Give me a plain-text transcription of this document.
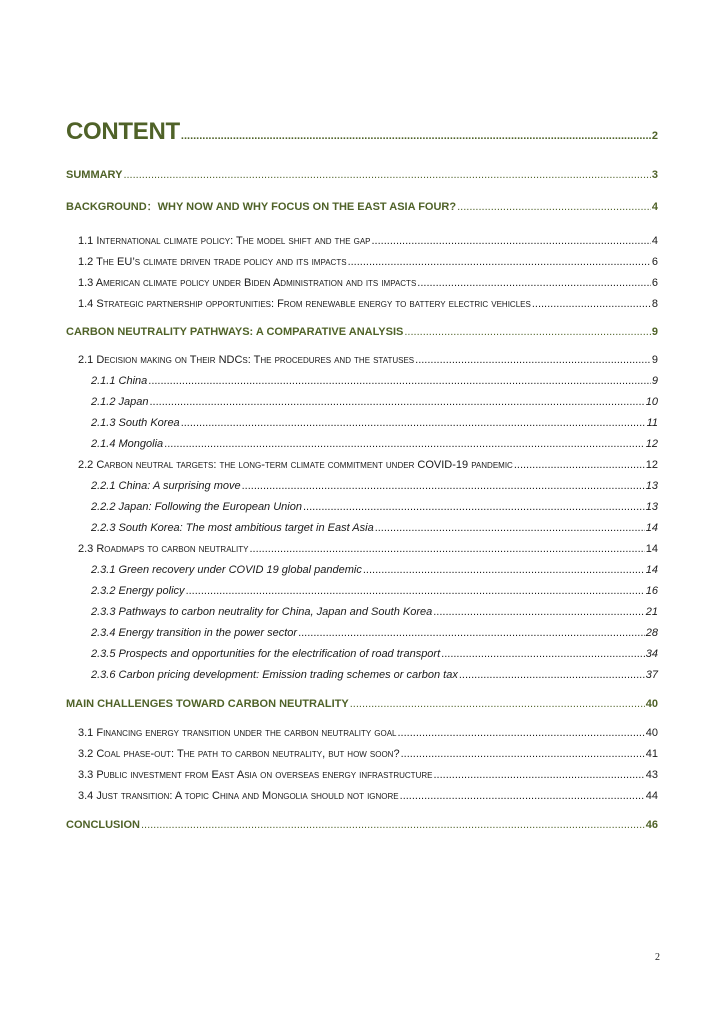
CONTENT .....	2
SUMMARY .....	3
BACKGROUND：WHY NOW AND WHY FOCUS ON THE EAST ASIA FOUR? .....	4
1.1 International climate policy: The model shift and the gap .....	4
1.2 The EU’s climate driven trade policy and its impacts .....	6
1.3 American climate policy under Biden Administration and its impacts .....	6
1.4 Strategic partnership opportunities: From renewable energy to battery electric vehicles .....	8
CARBON NEUTRALITY PATHWAYS: A COMPARATIVE ANALYSIS .....	9
2.1 Decision making on Their NDCs: The procedures and the statuses .....	9
2.1.1 China .....	9
2.1.2 Japan .....	10
2.1.3 South Korea .....	11
2.1.4 Mongolia .....	12
2.2 Carbon neutral targets: the long-term climate commitment under COVID-19 pandemic .....	12
2.2.1 China: A surprising move .....	13
2.2.2 Japan: Following the European Union .....	13
2.2.3 South Korea: The most ambitious target in East Asia .....	14
2.3 Roadmaps to carbon neutrality .....	14
2.3.1 Green recovery under COVID 19 global pandemic .....	14
2.3.2 Energy policy .....	16
2.3.3 Pathways to carbon neutrality for China, Japan and South Korea .....	21
2.3.4 Energy transition in the power sector .....	28
2.3.5 Prospects and opportunities for the electrification of road transport .....	34
2.3.6 Carbon pricing development: Emission trading schemes or carbon tax .....	37
MAIN CHALLENGES TOWARD CARBON NEUTRALITY .....	40
3.1 Financing energy transition under the carbon neutrality goal .....	40
3.2 Coal phase-out: The path to carbon neutrality, but how soon? .....	41
3.3 Public investment from East Asia on overseas energy infrastructure .....	43
3.4 Just transition: A topic China and Mongolia should not ignore .....	44
CONCLUSION .....	46
2
